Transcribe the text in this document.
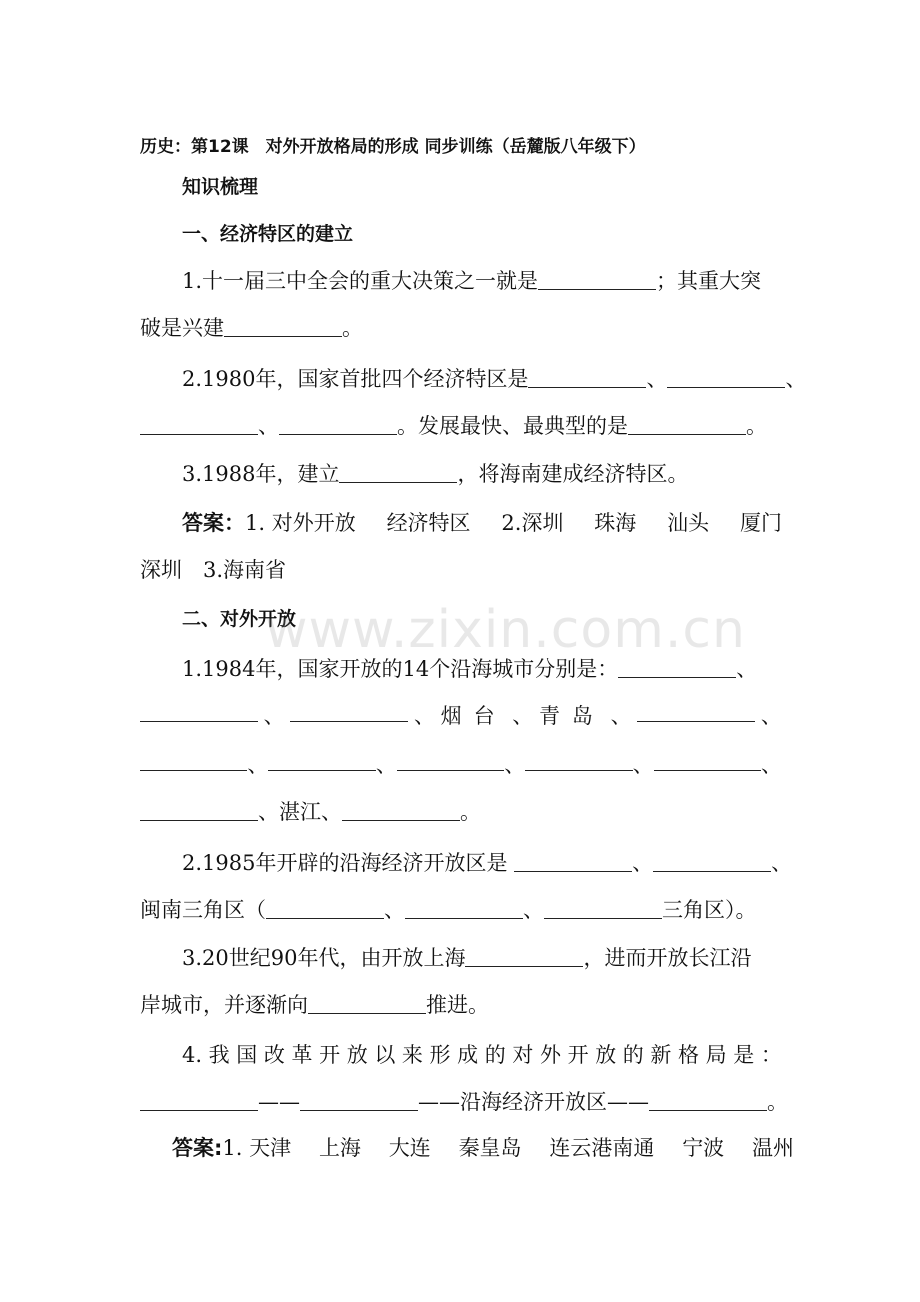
历史：第12课　对外开放格局的形成 同步训练（岳麓版八年级下）
知识梳理
一、经济特区的建立
1.十一届三中全会的重大决策之一就是	；其重大突
破是兴建	。
2.1980年，国家首批四个经济特区是	、	、
、	。发展最快、最典型的是	。
3.1988年，建立	，将海南建成经济特区。
答案：1. 对外开放 经济特区 2.深圳 珠海 汕头 厦门
深圳　3.海南省
二、对外开放
1.1984年，国家开放的14个沿海城市分别是：	、
、	、 烟台 、 青岛 、	、
、	、	、	、	、
、湛江、	。
2.1985年开辟的沿海经济开放区是	、	、
闽南三角区（	、	、	三角区）。
3.20世纪90年代，由开放上海	，进而开放长江沿
岸城市，并逐渐向	推进。
4. 我 国 改 革 开 放 以 来 形 成 的 对 外 开 放 的 新 格 局 是 ：
——	——沿海经济开放区——	。
答案:1. 天津 上海 大连 秦皇岛 连云港南通 宁波 温州
www.zixin.com.cn
